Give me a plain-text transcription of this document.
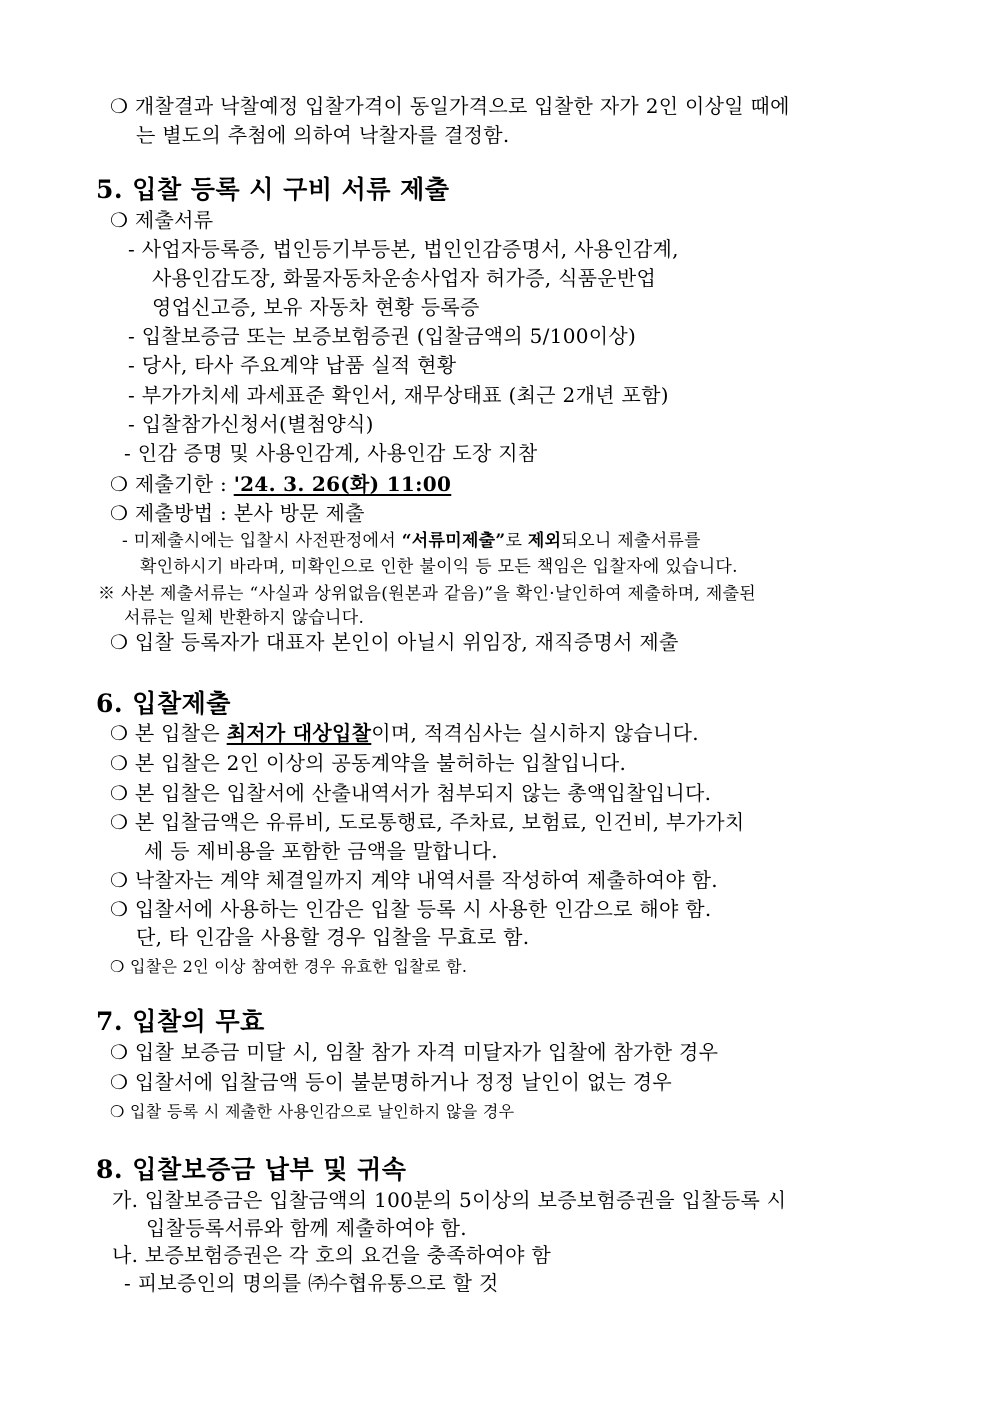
❍ 개찰결과 낙찰예정 입찰가격이 동일가격으로 입찰한 자가 2인 이상일 때에
는 별도의 추첨에 의하여 낙찰자를 결정함.
5. 입찰 등록 시 구비 서류 제출
❍ 제출서류
- 사업자등록증, 법인등기부등본, 법인인감증명서, 사용인감계,
사용인감도장, 화물자동차운송사업자 허가증, 식품운반업
영업신고증, 보유 자동차 현황 등록증
- 입찰보증금 또는 보증보험증권 (입찰금액의 5/100이상)
- 당사, 타사 주요계약 납품 실적 현황
- 부가가치세 과세표준 확인서, 재무상태표 (최근 2개년 포함)
- 입찰참가신청서(별첨양식)
- 인감 증명 및 사용인감계, 사용인감 도장 지참
❍ 제출기한 : '24. 3. 26(화) 11:00
❍ 제출방법 : 본사 방문 제출
- 미제출시에는 입찰시 사전판정에서 “서류미제출”로 제외되오니 제출서류를
확인하시기 바라며, 미확인으로 인한 불이익 등 모든 책임은 입찰자에 있습니다.
※ 사본 제출서류는 “사실과 상위없음(원본과 같음)”을 확인·날인하여 제출하며, 제출된
서류는 일체 반환하지 않습니다.
❍ 입찰 등록자가 대표자 본인이 아닐시 위임장, 재직증명서 제출
6. 입찰제출
❍ 본 입찰은 최저가 대상입찰이며, 적격심사는 실시하지 않습니다.
❍ 본 입찰은 2인 이상의 공동계약을 불허하는 입찰입니다.
❍ 본 입찰은 입찰서에 산출내역서가 첨부되지 않는 총액입찰입니다.
❍ 본 입찰금액은 유류비, 도로통행료, 주차료, 보험료, 인건비, 부가가치
세 등 제비용을 포함한 금액을 말합니다.
❍ 낙찰자는 계약 체결일까지 계약 내역서를 작성하여 제출하여야 함.
❍ 입찰서에 사용하는 인감은 입찰 등록 시 사용한 인감으로 해야 함.
단, 타 인감을 사용할 경우 입찰을 무효로 함.
❍ 입찰은 2인 이상 참여한 경우 유효한 입찰로 함.
7. 입찰의 무효
❍ 입찰 보증금 미달 시, 임찰 참가 자격 미달자가 입찰에 참가한 경우
❍ 입찰서에 입찰금액 등이 불분명하거나 정정 날인이 없는 경우
❍ 입찰 등록 시 제출한 사용인감으로 날인하지 않을 경우
8. 입찰보증금 납부 및 귀속
가. 입찰보증금은 입찰금액의 100분의 5이상의 보증보험증권을 입찰등록 시
입찰등록서류와 함께 제출하여야 함.
나. 보증보험증권은 각 호의 요건을 충족하여야 함
- 피보증인의 명의를 ㈜수협유통으로 할 것
